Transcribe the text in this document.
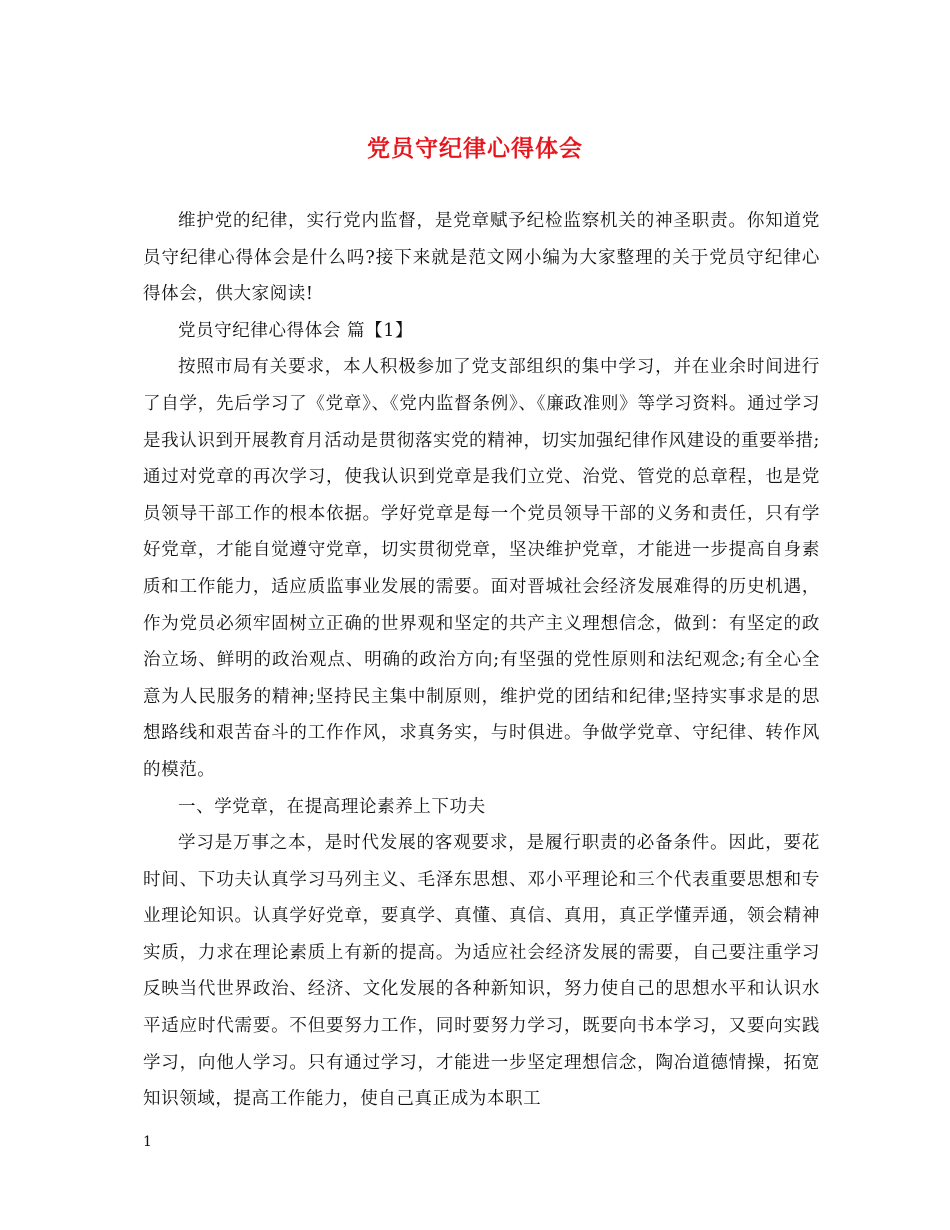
党员守纪律心得体会

维护党的纪律，实行党内监督，是党章赋予纪检监察机关的神圣职责。你知道党员守纪律心得体会是什么吗?接下来就是范文网小编为大家整理的关于党员守纪律心得体会，供大家阅读!

党员守纪律心得体会 篇【1】

按照市局有关要求，本人积极参加了党支部组织的集中学习，并在业余时间进行了自学，先后学习了《党章》、《党内监督条例》、《廉政准则》等学习资料。通过学习是我认识到开展教育月活动是贯彻落实党的精神，切实加强纪律作风建设的重要举措;通过对党章的再次学习，使我认识到党章是我们立党、治党、管党的总章程，也是党员领导干部工作的根本依据。学好党章是每一个党员领导干部的义务和责任，只有学好党章，才能自觉遵守党章，切实贯彻党章，坚决维护党章，才能进一步提高自身素质和工作能力，适应质监事业发展的需要。面对晋城社会经济发展难得的历史机遇，作为党员必须牢固树立正确的世界观和坚定的共产主义理想信念，做到：有坚定的政治立场、鲜明的政治观点、明确的政治方向;有坚强的党性原则和法纪观念;有全心全意为人民服务的精神;坚持民主集中制原则，维护党的团结和纪律;坚持实事求是的思想路线和艰苦奋斗的工作作风，求真务实，与时俱进。争做学党章、守纪律、转作风的模范。

一、学党章，在提高理论素养上下功夫

学习是万事之本，是时代发展的客观要求，是履行职责的必备条件。因此，要花时间、下功夫认真学习马列主义、毛泽东思想、邓小平理论和三个代表重要思想和专业理论知识。认真学好党章，要真学、真懂、真信、真用，真正学懂弄通，领会精神实质，力求在理论素质上有新的提高。为适应社会经济发展的需要，自己要注重学习反映当代世界政治、经济、文化发展的各种新知识，努力使自己的思想水平和认识水平适应时代需要。不但要努力工作，同时要努力学习，既要向书本学习，又要向实践学习，向他人学习。只有通过学习，才能进一步坚定理想信念，陶冶道德情操，拓宽知识领域，提高工作能力，使自己真正成为本职工

1
